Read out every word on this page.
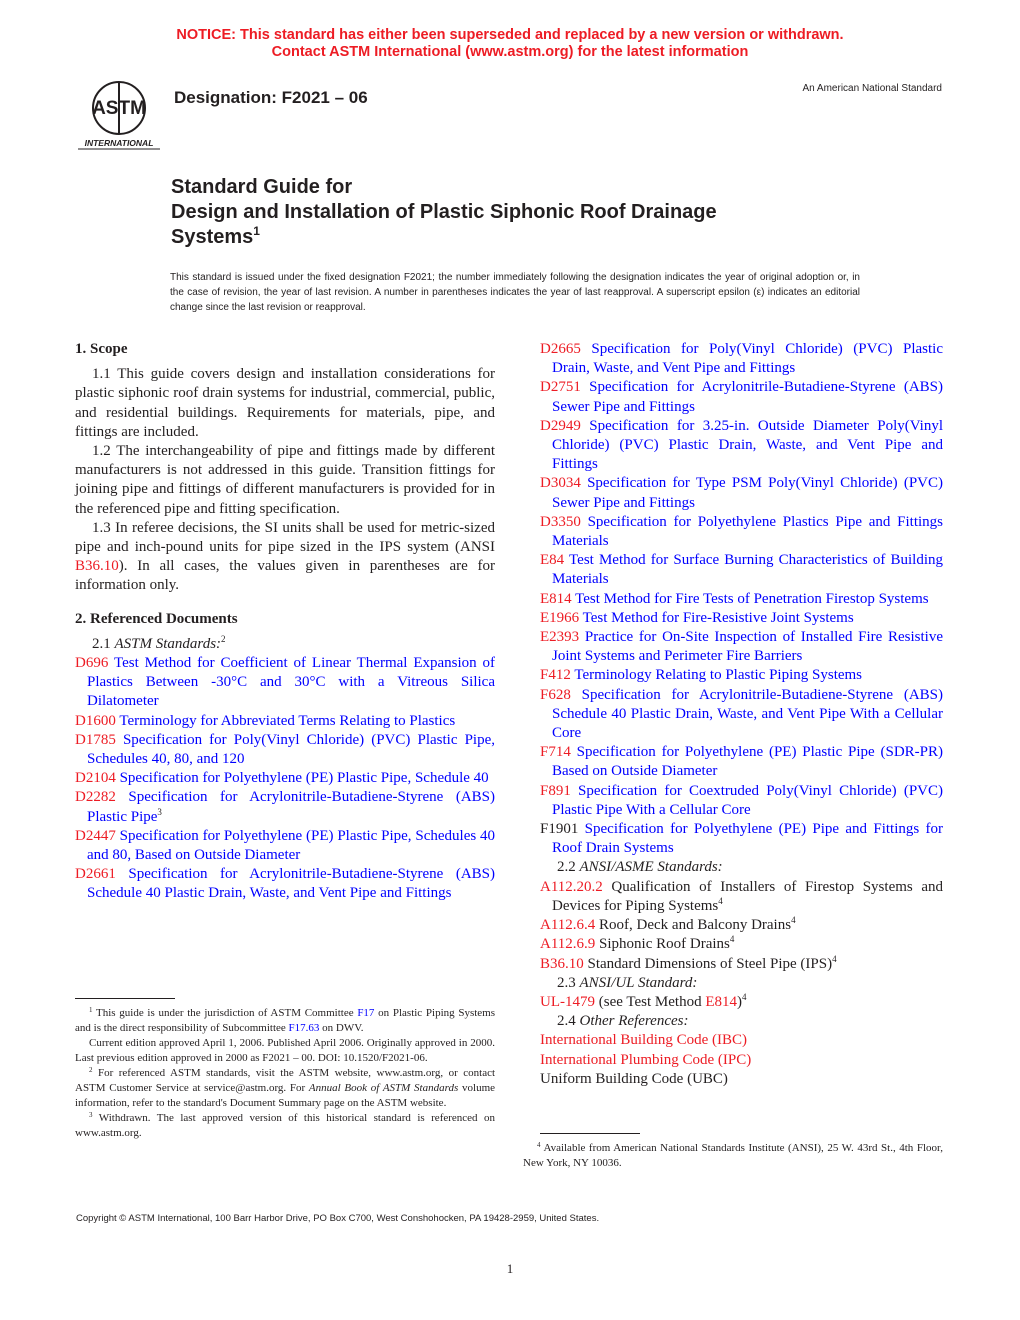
NOTICE: This standard has either been superseded and replaced by a new version or withdrawn.
Contact ASTM International (www.astm.org) for the latest information
ASTM
INTERNATIONAL
Designation: F2021 – 06	An American National Standard
Standard Guide for
Design and Installation of Plastic Siphonic Roof Drainage
Systems$^1$
This standard is issued under the fixed designation F2021; the number immediately following the designation indicates the year of original adoption or, in the case of revision, the year of last revision. A number in parentheses indicates the year of last reapproval. A superscript epsilon (ε) indicates an editorial change since the last revision or reapproval.
1. Scope

1.1 This guide covers design and installation considerations for plastic siphonic roof drain systems for industrial, commercial, public, and residential buildings. Requirements for materials, pipe, and fittings are included.

1.2 The interchangeability of pipe and fittings made by different manufacturers is not addressed in this guide. Transition fittings for joining pipe and fittings of different manufacturers is provided for in the referenced pipe and fitting specification.

1.3 In referee decisions, the SI units shall be used for metric-sized pipe and inch-pound units for pipe sized in the IPS system (ANSI B36.10). In all cases, the values given in parentheses are for information only.

2. Referenced Documents

2.1 ASTM Standards:$^2$

D696 Test Method for Coefficient of Linear Thermal Expansion of Plastics Between -30°C and 30°C with a Vitreous Silica Dilatometer

D1600 Terminology for Abbreviated Terms Relating to Plastics

D1785 Specification for Poly(Vinyl Chloride) (PVC) Plastic Pipe, Schedules 40, 80, and 120

D2104 Specification for Polyethylene (PE) Plastic Pipe, Schedule 40

D2282 Specification for Acrylonitrile-Butadiene-Styrene (ABS) Plastic Pipe$^3$

D2447 Specification for Polyethylene (PE) Plastic Pipe, Schedules 40 and 80, Based on Outside Diameter

D2661 Specification for Acrylonitrile-Butadiene-Styrene (ABS) Schedule 40 Plastic Drain, Waste, and Vent Pipe and Fittings

D2665 Specification for Poly(Vinyl Chloride) (PVC) Plastic Drain, Waste, and Vent Pipe and Fittings

D2751 Specification for Acrylonitrile-Butadiene-Styrene (ABS) Sewer Pipe and Fittings

D2949 Specification for 3.25-in. Outside Diameter Poly(Vinyl Chloride) (PVC) Plastic Drain, Waste, and Vent Pipe and Fittings

D3034 Specification for Type PSM Poly(Vinyl Chloride) (PVC) Sewer Pipe and Fittings

D3350 Specification for Polyethylene Plastics Pipe and Fittings Materials

E84 Test Method for Surface Burning Characteristics of Building Materials

E814 Test Method for Fire Tests of Penetration Firestop Systems

E1966 Test Method for Fire-Resistive Joint Systems

E2393 Practice for On-Site Inspection of Installed Fire Resistive Joint Systems and Perimeter Fire Barriers

F412 Terminology Relating to Plastic Piping Systems

F628 Specification for Acrylonitrile-Butadiene-Styrene (ABS) Schedule 40 Plastic Drain, Waste, and Vent Pipe With a Cellular Core

F714 Specification for Polyethylene (PE) Plastic Pipe (SDR-PR) Based on Outside Diameter

F891 Specification for Coextruded Poly(Vinyl Chloride) (PVC) Plastic Pipe With a Cellular Core

F1901 Specification for Polyethylene (PE) Pipe and Fittings for Roof Drain Systems

2.2 ANSI/ASME Standards:

A112.20.2 Qualification of Installers of Firestop Systems and Devices for Piping Systems$^4$

A112.6.4 Roof, Deck and Balcony Drains$^4$

A112.6.9 Siphonic Roof Drains$^4$

B36.10 Standard Dimensions of Steel Pipe (IPS)$^4$

2.3 ANSI/UL Standard:

UL-1479 (see Test Method E814)$^4$

2.4 Other References:

International Building Code (IBC)

International Plumbing Code (IPC)

Uniform Building Code (UBC)

$^1$ This guide is under the jurisdiction of ASTM Committee F17 on Plastic Piping Systems and is the direct responsibility of Subcommittee F17.63 on DWV.

Current edition approved April 1, 2006. Published April 2006. Originally approved in 2000. Last previous edition approved in 2000 as F2021 – 00. DOI: 10.1520/F2021-06.

$^2$ For referenced ASTM standards, visit the ASTM website, www.astm.org, or contact ASTM Customer Service at service@astm.org. For Annual Book of ASTM Standards volume information, refer to the standard's Document Summary page on the ASTM website.

$^3$ Withdrawn. The last approved version of this historical standard is referenced on www.astm.org.

$^4$ Available from American National Standards Institute (ANSI), 25 W. 43rd St., 4th Floor, New York, NY 10036.

Copyright © ASTM International, 100 Barr Harbor Drive, PO Box C700, West Conshohocken, PA 19428-2959, United States.
1
